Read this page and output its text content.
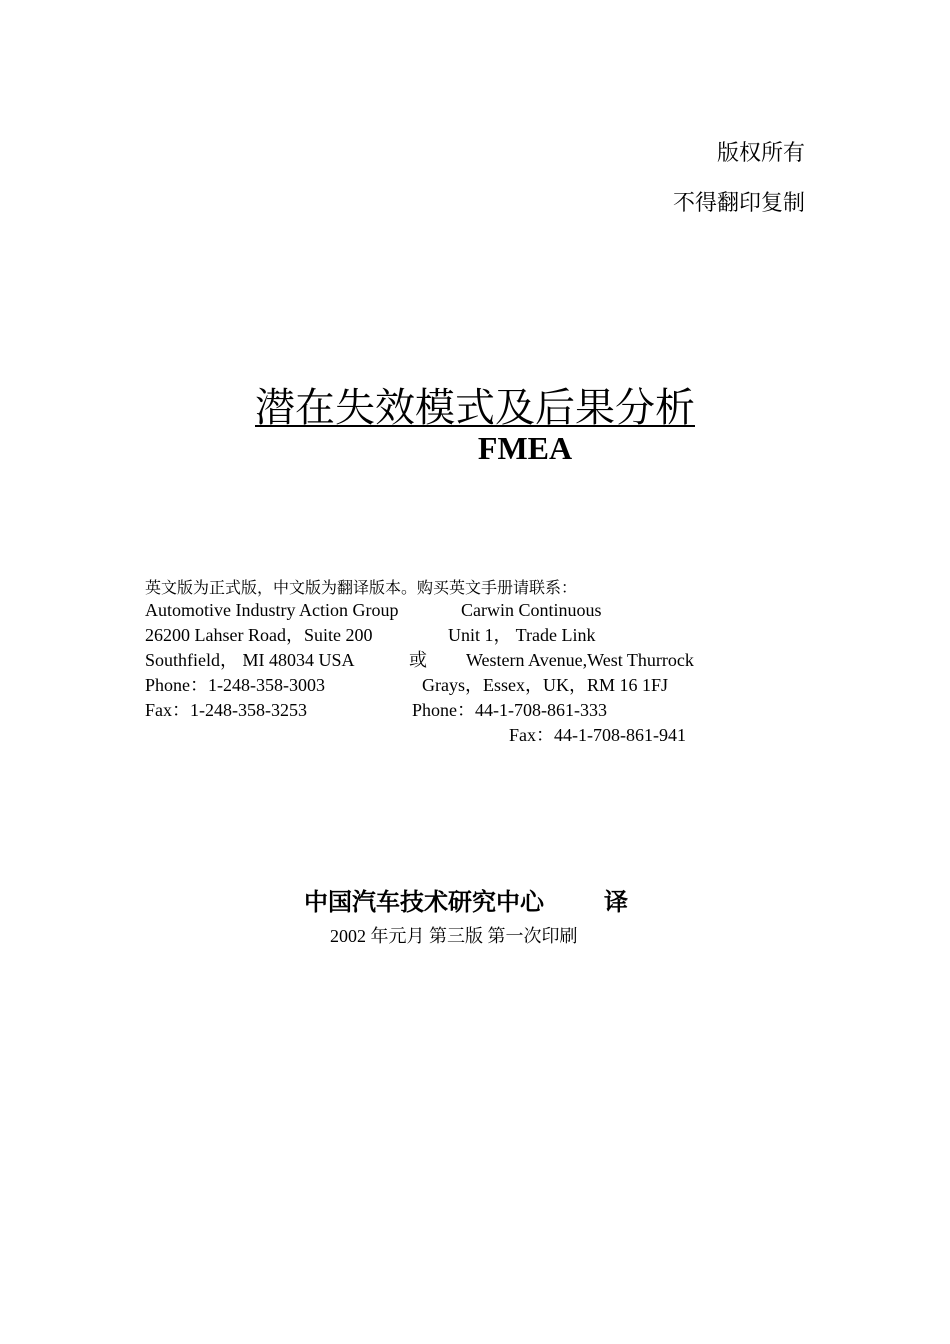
版权所有
不得翻印复制
潜在失效模式及后果分析
FMEA
英文版为正式版，中文版为翻译版本。购买英文手册请联系：
Automotive Industry Action Group
26200 Lahser Road，Suite 200
Southfield， MI 48034 USA
Phone：1-248-358-3003
Fax：1-248-358-3253
或
Carwin Continuous
Unit 1， Trade Link
Western Avenue,West Thurrock
Grays，Essex，UK，RM 16 1FJ
Phone：44-1-708-861-333
Fax：44-1-708-861-941
中国汽车技术研究中心	译
2002 年元月 第三版 第一次印刷
